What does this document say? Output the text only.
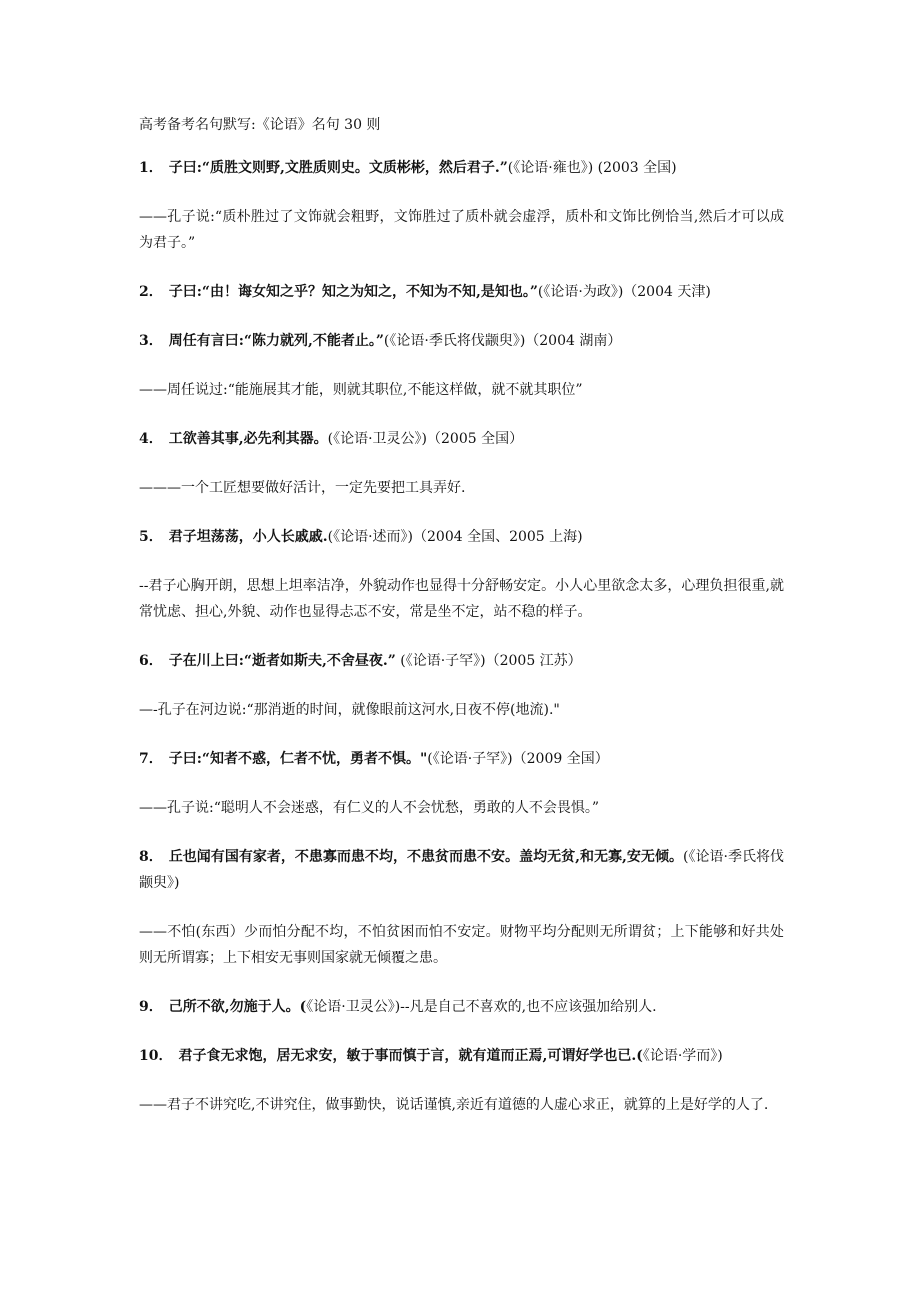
高考备考名句默写:《论语》名句 30 则

1． 子曰:“质胜文则野,文胜质则史。文质彬彬，然后君子.”(《论语·雍也》) (2003 全国)

——孔子说:“质朴胜过了文饰就会粗野，文饰胜过了质朴就会虚浮，质朴和文饰比例恰当,然后才可以成为君子。”

2． 子曰:“由！诲女知之乎？知之为知之，不知为不知,是知也。”(《论语·为政》)（2004 天津)

3． 周任有言曰:“陈力就列,不能者止。”(《论语·季氏将伐颛臾》)（2004 湖南）

——周任说过:“能施展其才能，则就其职位,不能这样做，就不就其职位”

4． 工欲善其事,必先利其器。(《论语·卫灵公》)（2005 全国）

———一个工匠想要做好活计，一定先要把工具弄好.

5． 君子坦荡荡，小人长戚戚.(《论语·述而》)（2004 全国、2005 上海)

--君子心胸开朗，思想上坦率洁净，外貌动作也显得十分舒畅安定。小人心里欲念太多，心理负担很重,就常忧虑、担心,外貌、动作也显得忐忑不安，常是坐不定，站不稳的样子。

6． 子在川上曰:“逝者如斯夫,不舍昼夜.” (《论语·子罕》)（2005 江苏）

—-孔子在河边说:“那消逝的时间，就像眼前这河水,日夜不停(地流)."

7． 子曰:“知者不惑，仁者不忧，勇者不惧。"(《论语·子罕》)（2009 全国）

——孔子说:“聪明人不会迷惑，有仁义的人不会忧愁，勇敢的人不会畏惧。”

8． 丘也闻有国有家者，不患寡而患不均，不患贫而患不安。盖均无贫,和无寡,安无倾。(《论语·季氏将伐颛臾》)

——不怕(东西）少而怕分配不均，不怕贫困而怕不安定。财物平均分配则无所谓贫；上下能够和好共处则无所谓寡；上下相安无事则国家就无倾覆之患。

9． 己所不欲,勿施于人。(《论语·卫灵公》)--凡是自己不喜欢的,也不应该强加给别人.

10． 君子食无求饱，居无求安，敏于事而慎于言，就有道而正焉,可谓好学也已.(《论语·学而》)

——君子不讲究吃,不讲究住，做事勤快，说话谨慎,亲近有道德的人虚心求正，就算的上是好学的人了.
